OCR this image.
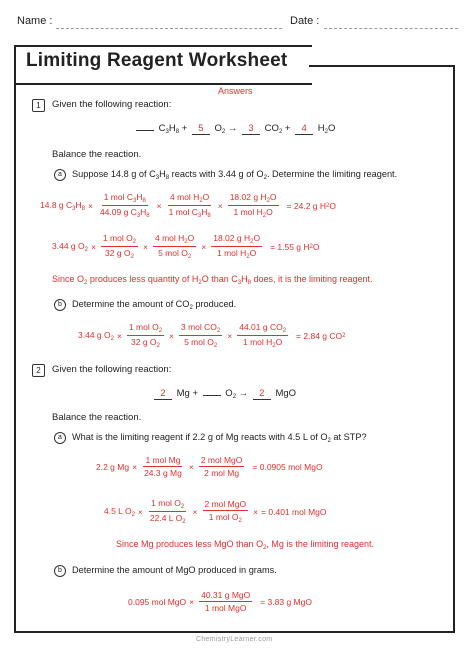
Name :	Date :
Limiting Reagent Worksheet
Answers
1	Given the following reaction:
$C_3H_8 + 5$ $O_2 \to 3$ $CO_2 + 4$ $H_2O$
Balance the reaction.
a	Suppose 14.8 g of $C_3H_8$ reacts with 3.44 g of $O_2$. Determine the limiting reagent.
14.8 g $C_3H_8 \times \frac{1 mol C_3H_8}{44.09 g C_3H_8} \times \frac{4 mol H_2O}{1 mol C_3H_8} \times \frac{18.02 g H_2O}{1 mol H_2O} = 24.2$ g H 2 O
3.44 g $O_2 \times \frac{1 mol O_2}{32 g O_2} \times \frac{4 mol H_2O}{5 mol O_2} \times \frac{18.02 g H_2O}{1 mol H_2O} = 1.55$ g H 2 O
Since $O_2$ produces less quantity of $H_2O$ than $C_3H_8$ does, it is the limiting reagent.
b	Determine the amount of $CO_2$ produced.
3.44 g $O_2 \times \frac{1 mol O_2}{32 g O_2} \times \frac{3 mol CO_2}{5 mol O_2} \times \frac{44.01 g CO_2}{1 mol H_2O} = 2.84$ g CO 2
2	Given the following reaction:
2 $Mg + O_2 \to 2$ MgO
Balance the reaction.
a	What is the limiting reagent if 2.2 g of Mg reacts with 4.5 L of $O_2$ at STP?
2.2 g $Mg \times \frac{\text{1 mol Mg}}{\text{24.3 g Mg}} \times \frac{\text{2 mol MgO}}{\text{2 mol Mg}} = 0.0905$ mol MgO
4.5 L $O_2 \times \frac{1 mol O_2}{22.4 L O_2} \times \frac{\text{2 mol MgO}}{1 mol O_2}$ × = 0.401 mol MgO
Since Mg produces less MgO than $O_2$, Mg is the limiting reagent.
b	Determine the amount of MgO produced in grams.
0.095 mol MgO × $\frac{\text{40.31 g MgO}}{\text{1 mol MgO}} = 3.83$ g MgO
ChemistryLearner.com
